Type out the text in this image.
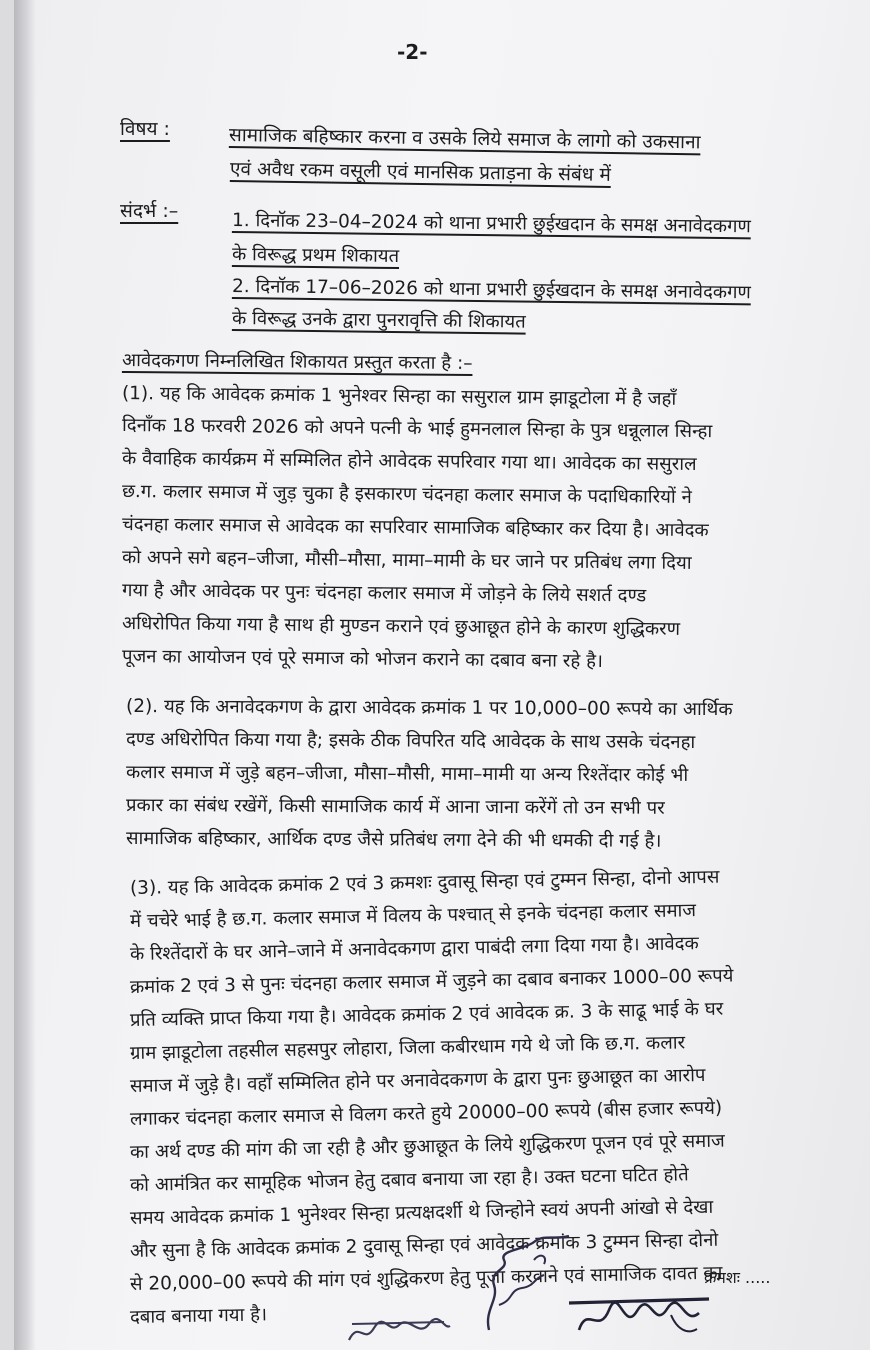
-2-
विषय :	सामाजिक बहिष्कार करना व उसके लिये समाज के लागो को उकसाना
एवं अवैध रकम वसूली एवं मानसिक प्रताड़ना के संबंध में
संदर्भ :–	1. दिनॉक 23–04–2024 को थाना प्रभारी छुईखदान के समक्ष अनावेदकगण
के विरूद्ध प्रथम शिकायत
2. दिनॉक 17–06–2026 को थाना प्रभारी छुईखदान के समक्ष अनावेदकगण
के विरूद्ध उनके द्वारा पुनरावृत्ति की शिकायत
आवेदकगण निम्नलिखित शिकायत प्रस्तुत करता है :–
(1). यह कि आवेदक क्रमांक 1 भुनेश्वर सिन्हा का ससुराल ग्राम झाडूटोला में है जहाँ
दिनाँक 18 फरवरी 2026 को अपने पत्नी के भाई हुमनलाल सिन्हा के पुत्र धन्नूलाल सिन्हा
के वैवाहिक कार्यक्रम में सम्मिलित होने आवेदक सपरिवार गया था। आवेदक का ससुराल
छ.ग. कलार समाज में जुड़ चुका है इसकारण चंदनहा कलार समाज के पदाधिकारियों ने
चंदनहा कलार समाज से आवेदक का सपरिवार सामाजिक बहिष्कार कर दिया है। आवेदक
को अपने सगे बहन–जीजा, मौसी–मौसा, मामा–मामी के घर जाने पर प्रतिबंध लगा दिया
गया है और आवेदक पर पुनः चंदनहा कलार समाज में जोड़ने के लिये सशर्त दण्ड
अधिरोपित किया गया है साथ ही मुण्डन कराने एवं छुआछूत होने के कारण शुद्धिकरण
पूजन का आयोजन एवं पूरे समाज को भोजन कराने का दबाव बना रहे है।
(2). यह कि अनावेदकगण के द्वारा आवेदक क्रमांक 1 पर 10,000–00 रूपये का आर्थिक
दण्ड अधिरोपित किया गया है; इसके ठीक विपरित यदि आवेदक के साथ उसके चंदनहा
कलार समाज में जुड़े बहन–जीजा, मौसा–मौसी, मामा–मामी या अन्य रिश्तेंदार कोई भी
प्रकार का संबंध रखेंगें, किसी सामाजिक कार्य में आना जाना करेंगें तो उन सभी पर
सामाजिक बहिष्कार, आर्थिक दण्ड जैसे प्रतिबंध लगा देने की भी धमकी दी गई है।
(3). यह कि आवेदक क्रमांक 2 एवं 3 क्रमशः दुवासू सिन्हा एवं टुम्मन सिन्हा, दोनो आपस
में चचेरे भाई है छ.ग. कलार समाज में विलय के पश्चात् से इनके चंदनहा कलार समाज
के रिश्तेंदारों के घर आने–जाने में अनावेदकगण द्वारा पाबंदी लगा दिया गया है। आवेदक
क्रमांक 2 एवं 3 से पुनः चंदनहा कलार समाज में जुड़ने का दबाव बनाकर 1000–00 रूपये
प्रति व्यक्ति प्राप्त किया गया है। आवेदक क्रमांक 2 एवं आवेदक क्र. 3 के साढू भाई के घर
ग्राम झाडूटोला तहसील सहसपुर लोहारा, जिला कबीरधाम गये थे जो कि छ.ग. कलार
समाज में जुड़े है। वहाँ सम्मिलित होने पर अनावेदकगण के द्वारा पुनः छुआछूत का आरोप
लगाकर चंदनहा कलार समाज से विलग करते हुये 20000–00 रूपये (बीस हजार रूपये)
का अर्थ दण्ड की मांग की जा रही है और छुआछूत के लिये शुद्धिकरण पूजन एवं पूरे समाज
को आमंत्रित कर सामूहिक भोजन हेतु दबाव बनाया जा रहा है। उक्त घटना घटित होते
समय आवेदक क्रमांक 1 भुनेश्वर सिन्हा प्रत्यक्षदर्शी थे जिन्होने स्वयं अपनी आंखो से देखा
और सुना है कि आवेदक क्रमांक 2 दुवासू सिन्हा एवं आवेदक क्रमांक 3 टुम्मन सिन्हा दोनो
से 20,000–00 रूपये की मांग एवं शुद्धिकरण हेतु पूजा करवाने एवं सामाजिक दावत का
दबाव बनाया गया है।
क्रमशः .....
